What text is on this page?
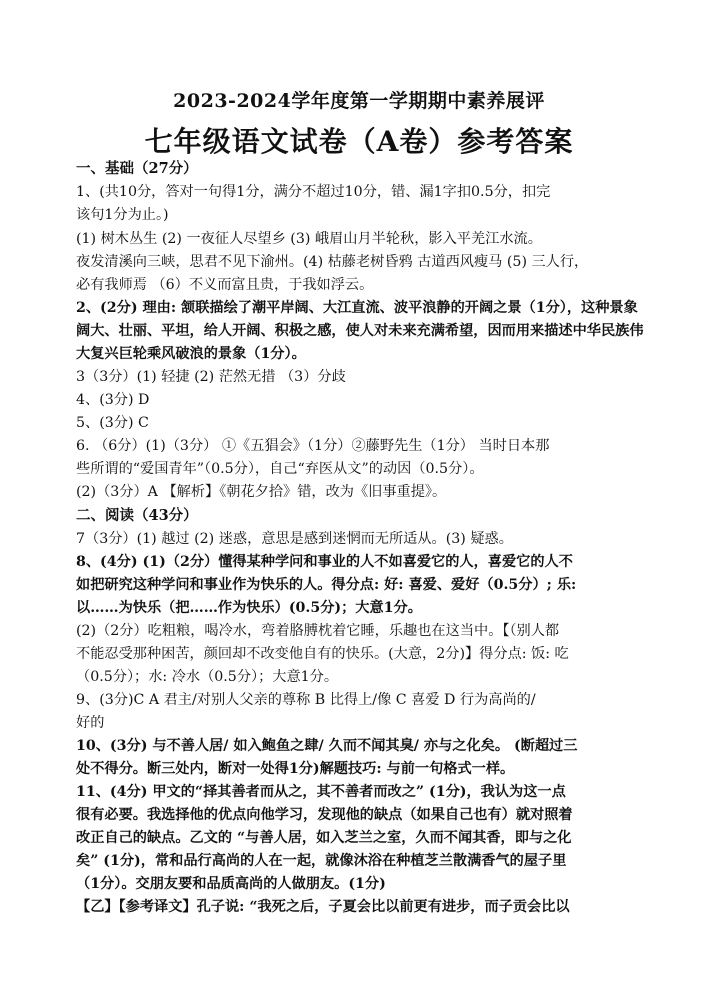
2023-2024学年度第一学期期中素养展评
七年级语文试卷（A卷）参考答案
一、基础（27分）
1、(共10分，答对一句得1分，满分不超过10分，错、漏1字扣0.5分，扣完
该句1分为止。)
(1) 树木丛生 (2) 一夜征人尽望乡 (3) 峨眉山月半轮秋，影入平羌江水流。
夜发清溪向三峡，思君不见下渝州。(4) 枯藤老树昏鸦 古道西风瘦马 (5) 三人行，
必有我师焉 （6）不义而富且贵，于我如浮云。
2、(2分) 理由: 颔联描绘了潮平岸阔、大江直流、波平浪静的开阔之景（1分），这种景象
阔大、壮丽、平坦，给人开阔、积极之感，使人对未来充满希望，因而用来描述中华民族伟
大复兴巨轮乘风破浪的景象（1分）。
3（3分）(1) 轻捷 (2) 茫然无措 （3）分歧
4、(3分) D
5、(3分) C
6. （6分）(1)（3分） ①《五猖会》（1分）②藤野先生（1分） 当时日本那
些所谓的“爱国青年”（0.5分），自己“弃医从文”的动因（0.5分）。
(2)（3分）A 【解析】《朝花夕拾》错，改为《旧事重提》。
二、阅读（43分）
7（3分）(1) 越过 (2) 迷惑，意思是感到迷惘而无所适从。(3) 疑惑。
8、(4分) (1)（2分）懂得某种学问和事业的人不如喜爱它的人，喜爱它的人不
如把研究这种学问和事业作为快乐的人。得分点: 好: 喜爱、爱好（0.5分）; 乐:
以……为快乐（把……作为快乐）(0.5分)；大意1分。
(2)（2分）吃粗粮，喝冷水，弯着胳膊枕着它睡，乐趣也在这当中。【（别人都
不能忍受那种困苦，颜回却不改变他自有的快乐。(大意，2分)】得分点: 饭: 吃
（0.5分）；水: 冷水（0.5分）；大意1分。
9、(3分)C A 君主/对别人父亲的尊称 B 比得上/像 C 喜爱 D 行为高尚的/
好的
10、(3分) 与不善人居/ 如入鲍鱼之肆/ 久而不闻其臭/ 亦与之化矣。 (断超过三
处不得分。断三处内，断对一处得1分)解题技巧: 与前一句格式一样。
11、(4分) 甲文的“择其善者而从之，其不善者而改之” (1分)，我认为这一点
很有必要。我选择他的优点向他学习，发现他的缺点（如果自己也有）就对照着
改正自己的缺点。乙文的 “与善人居，如入芝兰之室，久而不闻其香，即与之化
矣” (1分)，常和品行高尚的人在一起，就像沐浴在种植芝兰散满香气的屋子里
（1分）。交朋友要和品质高尚的人做朋友。(1分)
【乙】【参考译文】孔子说: “我死之后，子夏会比以前更有进步，而子贡会比以
